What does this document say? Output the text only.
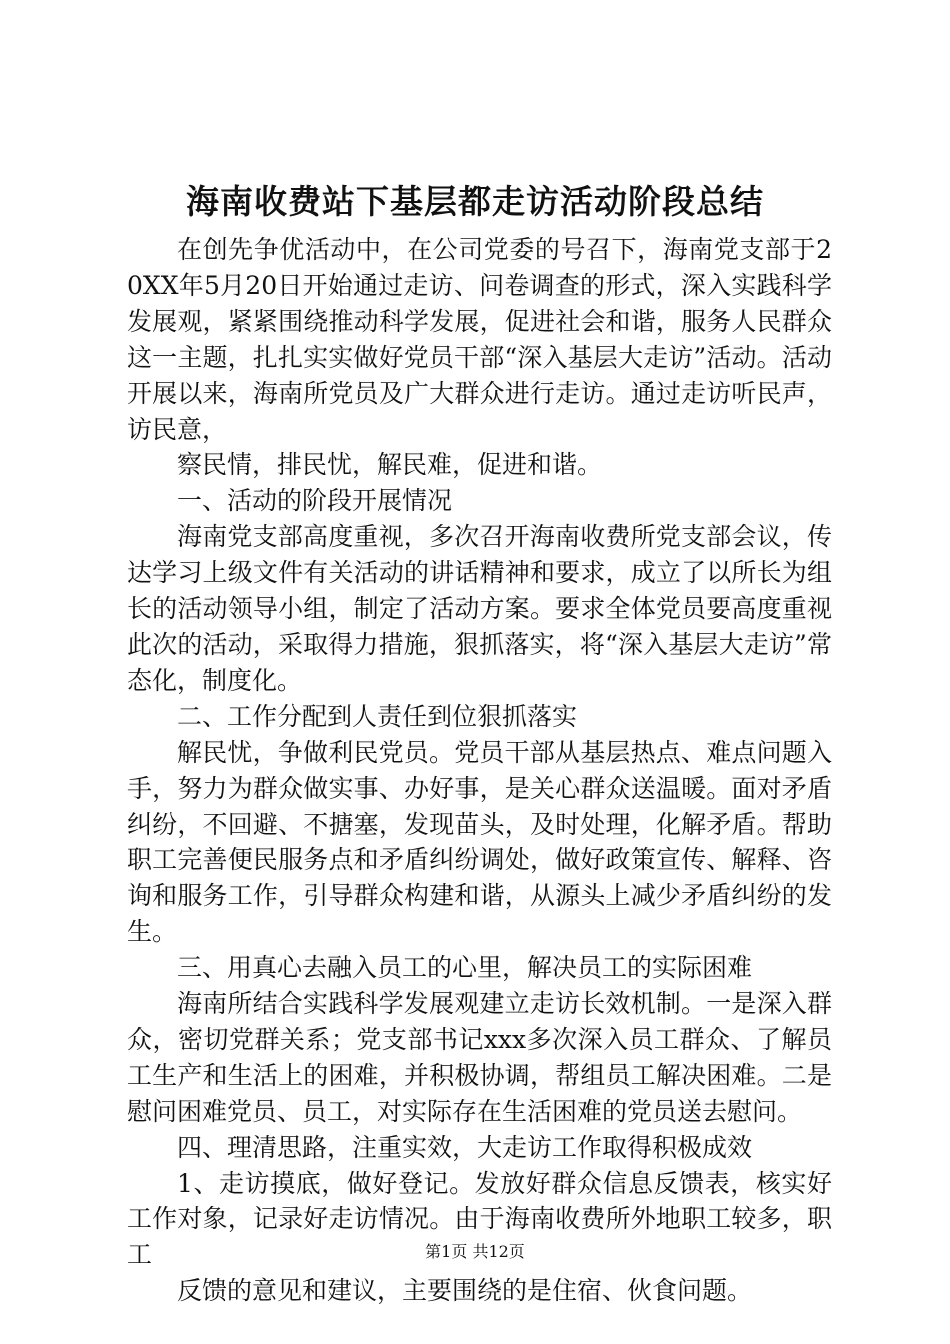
海南收费站下基层都走访活动阶段总结

在创先争优活动中，在公司党委的号召下，海南党支部于20XX年5月20日开始通过走访、问卷调查的形式，深入实践科学发展观，紧紧围绕推动科学发展，促进社会和谐，服务人民群众这一主题，扎扎实实做好党员干部“深入基层大走访”活动。活动开展以来，海南所党员及广大群众进行走访。通过走访听民声，访民意，

察民情，排民忧，解民难，促进和谐。

一、活动的阶段开展情况

海南党支部高度重视，多次召开海南收费所党支部会议，传达学习上级文件有关活动的讲话精神和要求，成立了以所长为组长的活动领导小组，制定了活动方案。要求全体党员要高度重视此次的活动，采取得力措施，狠抓落实，将“深入基层大走访”常态化，制度化。

二、工作分配到人责任到位狠抓落实

解民忧，争做利民党员。党员干部从基层热点、难点问题入手，努力为群众做实事、办好事，是关心群众送温暖。面对矛盾纠纷，不回避、不搪塞，发现苗头，及时处理，化解矛盾。帮助职工完善便民服务点和矛盾纠纷调处，做好政策宣传、解释、咨询和服务工作，引导群众构建和谐，从源头上减少矛盾纠纷的发生。

三、用真心去融入员工的心里，解决员工的实际困难

海南所结合实践科学发展观建立走访长效机制。一是深入群众，密切党群关系；党支部书记xxx多次深入员工群众、了解员工生产和生活上的困难，并积极协调，帮组员工解决困难。二是慰问困难党员、员工，对实际存在生活困难的党员送去慰问。

四、理清思路，注重实效，大走访工作取得积极成效

1、走访摸底，做好登记。发放好群众信息反馈表，核实好工作对象，记录好走访情况。由于海南收费所外地职工较多，职工

反馈的意见和建议，主要围绕的是住宿、伙食问题。

第1页 共12页
